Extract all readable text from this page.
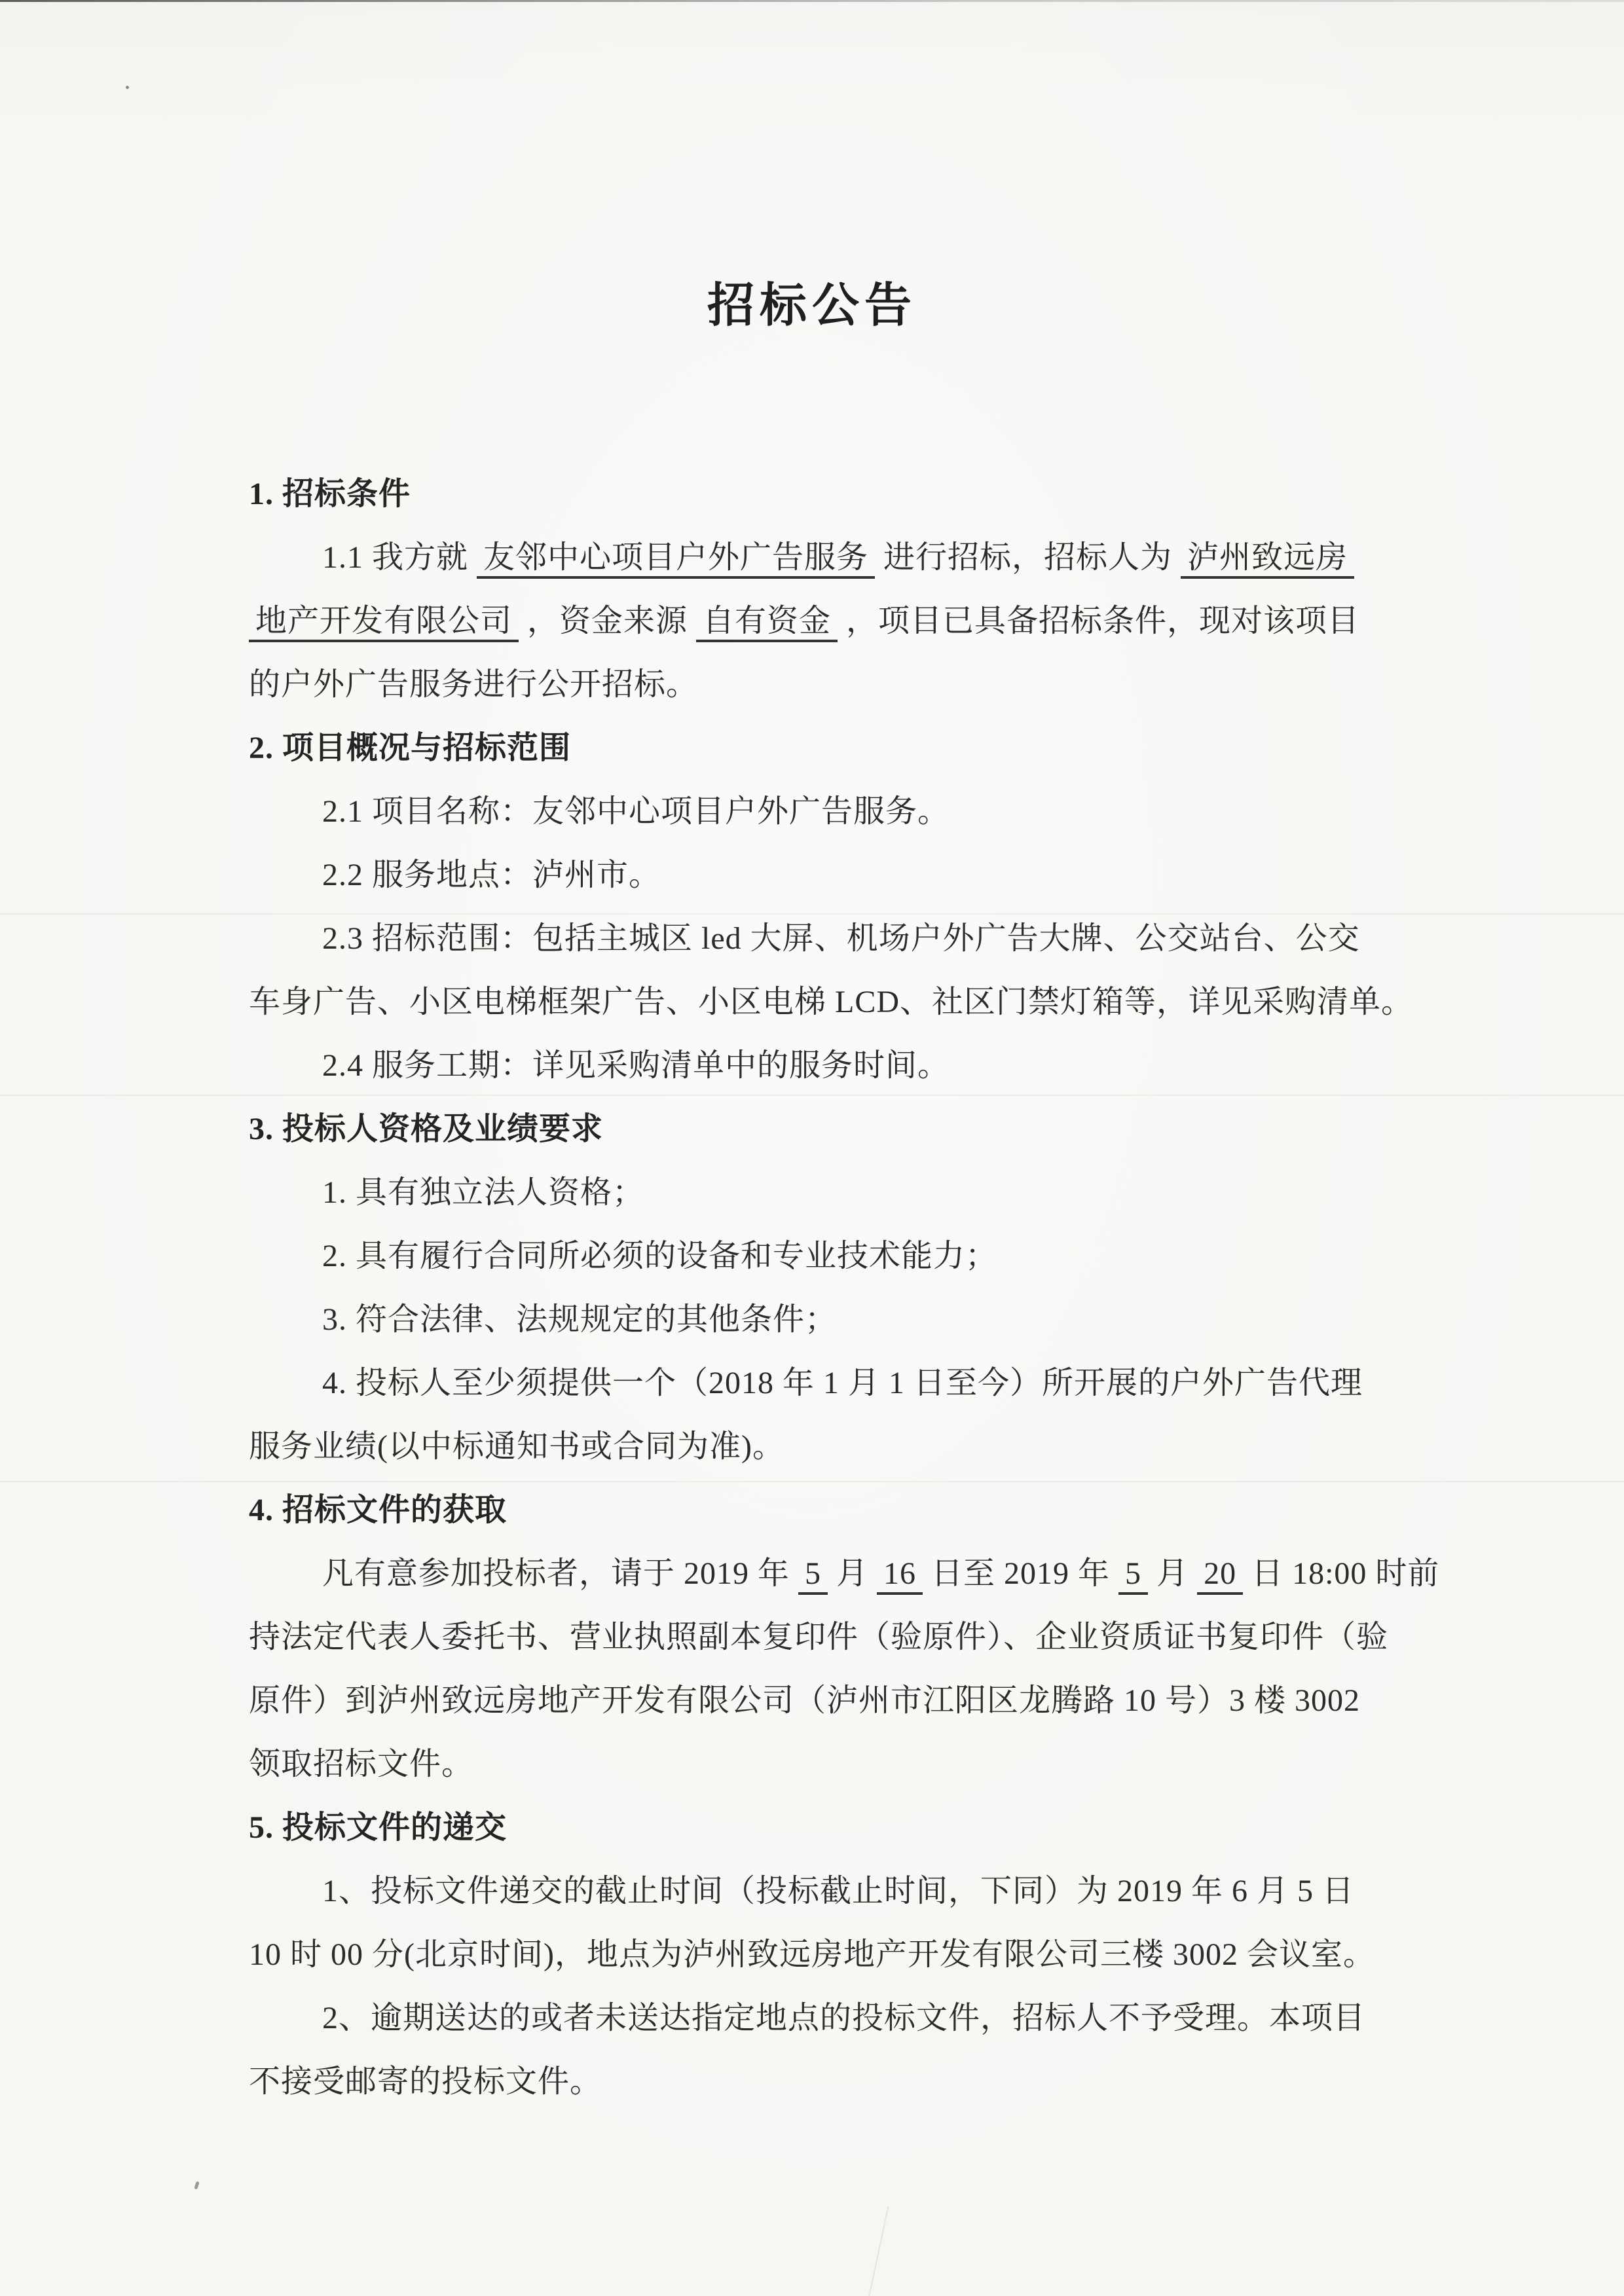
招标公告
1. 招标条件
1.1 我方就 友邻中心项目户外广告服务 进行招标，招标人为 泸州致远房
地产开发有限公司 ，资金来源 自有资金 ，项目已具备招标条件，现对该项目
的户外广告服务进行公开招标。
2. 项目概况与招标范围
2.1 项目名称：友邻中心项目户外广告服务。
2.2 服务地点：泸州市。
2.3 招标范围：包括主城区 led 大屏、机场户外广告大牌、公交站台、公交
车身广告、小区电梯框架广告、小区电梯 LCD、社区门禁灯箱等，详见采购清单。
2.4 服务工期：详见采购清单中的服务时间。
3. 投标人资格及业绩要求
1. 具有独立法人资格；
2. 具有履行合同所必须的设备和专业技术能力；
3. 符合法律、法规规定的其他条件；
4. 投标人至少须提供一个（2018 年 1 月 1 日至今）所开展的户外广告代理
服务业绩(以中标通知书或合同为准)。
4. 招标文件的获取
凡有意参加投标者，请于 2019 年 5 月 16 日至 2019 年 5 月 20 日 18:00 时前
持法定代表人委托书、营业执照副本复印件（验原件）、企业资质证书复印件（验
原件）到泸州致远房地产开发有限公司（泸州市江阳区龙腾路 10 号）3 楼 3002
领取招标文件。
5. 投标文件的递交
1、投标文件递交的截止时间（投标截止时间，下同）为 2019 年 6 月 5 日
10 时 00 分(北京时间)，地点为泸州致远房地产开发有限公司三楼 3002 会议室。
2、逾期送达的或者未送达指定地点的投标文件，招标人不予受理。本项目
不接受邮寄的投标文件。
